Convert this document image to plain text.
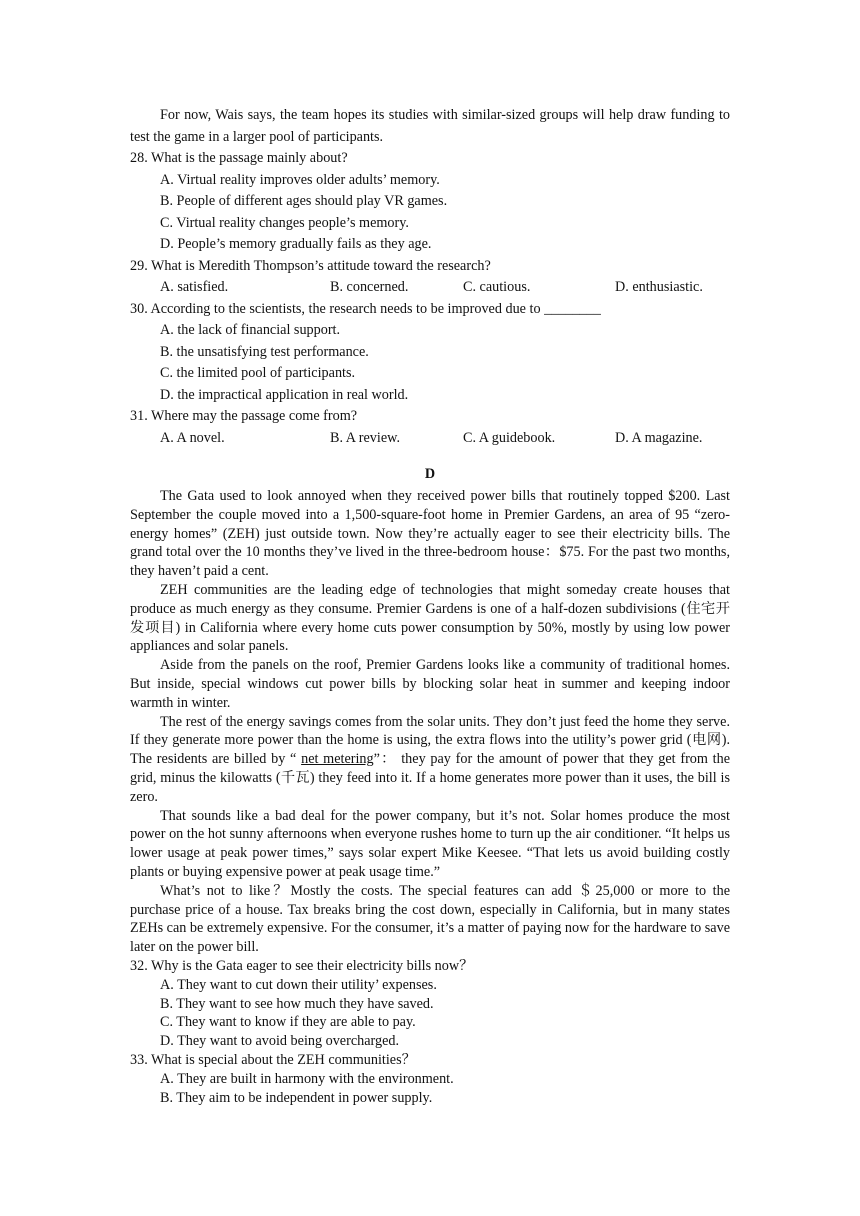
For now, Wais says, the team hopes its studies with similar-sized groups will help draw funding to test the game in a larger pool of participants.

28. What is the passage mainly about?

A. Virtual reality improves older adults’ memory.

B. People of different ages should play VR games.

C. Virtual reality changes people’s memory.

D. People’s memory gradually fails as they age.

29. What is Meredith Thompson’s attitude toward the research?

A. satisfied.	B. concerned.	C. cautious.	D. enthusiastic.

30. According to the scientists, the research needs to be improved due to ________

A. the lack of financial support.

B. the unsatisfying test performance.

C. the limited pool of participants.

D. the impractical application in real world.

31. Where may the passage come from?

A. A novel.	B. A review.	C. A guidebook.	D. A magazine.
D

The Gata used to look annoyed when they received power bills that routinely topped $200. Last September the couple moved into a 1,500-square-foot home in Premier Gardens, an area of 95 “zero-energy homes” (ZEH) just outside town. Now they’re actually eager to see their electricity bills. The grand total over the 10 months they’ve lived in the three-bedroom house：$75. For the past two months, they haven’t paid a cent.

ZEH communities are the leading edge of technologies that might someday create houses that produce as much energy as they consume. Premier Gardens is one of a half-dozen subdivisions (住宅开发项目) in California where every home cuts power consumption by 50%, mostly by using low power appliances and solar panels.

Aside from the panels on the roof, Premier Gardens looks like a community of traditional homes. But inside, special windows cut power bills by blocking solar heat in summer and keeping indoor warmth in winter.

The rest of the energy savings comes from the solar units. They don’t just feed the home they serve. If they generate more power than the home is using, the extra flows into the utility’s power grid (电网). The residents are billed by “ net metering”： they pay for the amount of power that they get from the grid, minus the kilowatts (千瓦) they feed into it. If a home generates more power than it uses, the bill is zero.

That sounds like a bad deal for the power company, but it’s not. Solar homes produce the most power on the hot sunny afternoons when everyone rushes home to turn up the air conditioner. “It helps us lower usage at peak power times,” says solar expert Mike Keesee. “That lets us avoid building costly plants or buying expensive power at peak usage time.”

What’s not to like？Mostly the costs. The special features can add ＄25,000 or more to the purchase price of a house. Tax breaks bring the cost down, especially in California, but in many states ZEHs can be extremely expensive. For the consumer, it’s a matter of paying now for the hardware to save later on the power bill.

32. Why is the Gata eager to see their electricity bills now？

A. They want to cut down their utility’ expenses.

B. They want to see how much they have saved.

C. They want to know if they are able to pay.

D. They want to avoid being overcharged.

33. What is special about the ZEH communities？

A. They are built in harmony with the environment.

B. They aim to be independent in power supply.
